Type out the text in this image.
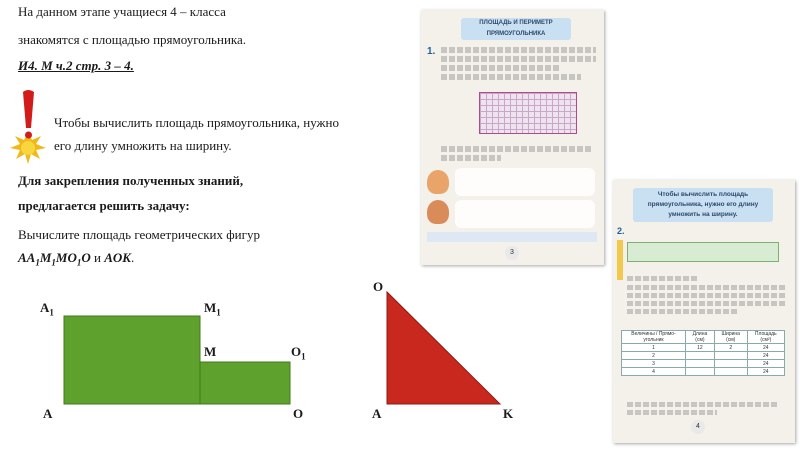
На данном этапе учащиеся 4 – класса
знакомятся с площадью прямоугольника.
И4. М ч.2 стр. 3 – 4.
Чтобы вычислить площадь прямоугольника, нужно
его длину умножить на ширину.
Для закрепления полученных знаний,
предлагается решить задачу:
Вычислите площадь геометрических фигур
$AA_1M_1MO_1O$ и AOK.
$A_1$	$M_1$
M	$O_1$
A	O
O
A	K
ПЛОЩАДЬ И ПЕРИМЕТР ПРЯМОУГОЛЬНИКА
1.
3
Чтобы вычислить площадь прямоугольника, нужно его длину умножить на ширину.
2.
Величины / Прямо-угольник	Длина (см)	Ширина (см)	Площадь (см²)
1	12	2	24
2			24
3			24
4			24
4
